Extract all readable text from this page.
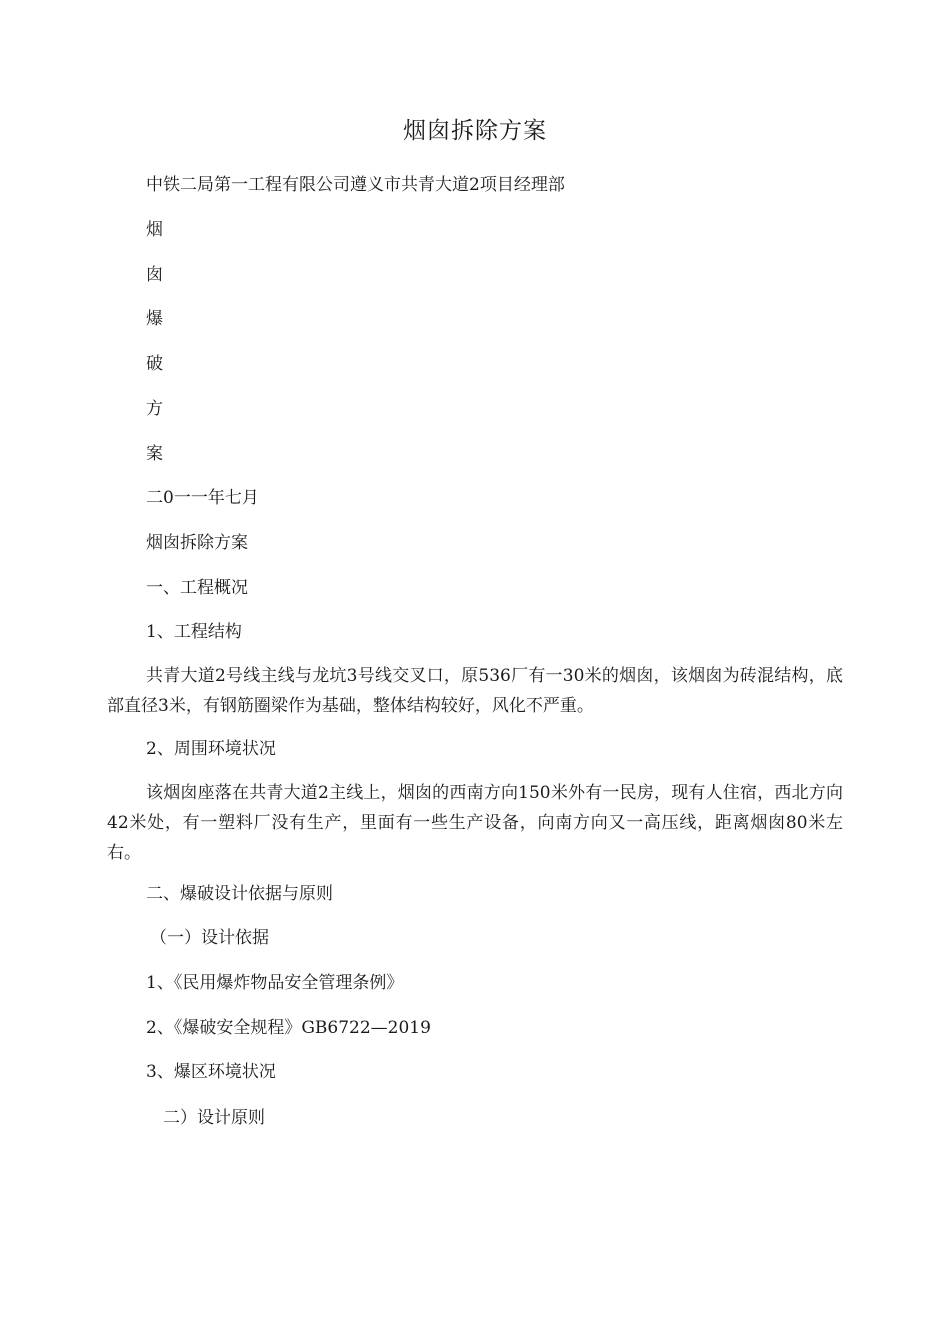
烟囱拆除方案
中铁二局第一工程有限公司遵义市共青大道2项目经理部
烟
囱
爆
破
方
案
二0一一年七月
烟囱拆除方案
一、工程概况
1、工程结构
共青大道2号线主线与龙坑3号线交叉口，原536厂有一30米的烟囱，该烟囱为砖混结构，底部直径3米，有钢筋圈梁作为基础，整体结构较好，风化不严重。
2、周围环境状况
该烟囱座落在共青大道2主线上，烟囱的西南方向150米外有一民房，现有人住宿，西北方向42米处，有一塑料厂没有生产，里面有一些生产设备，向南方向又一高压线，距离烟囱80米左右。
二、爆破设计依据与原则
（一）设计依据
1、《民用爆炸物品安全管理条例》
2、《爆破安全规程》GB6722—2019
3、爆区环境状况
二）设计原则
